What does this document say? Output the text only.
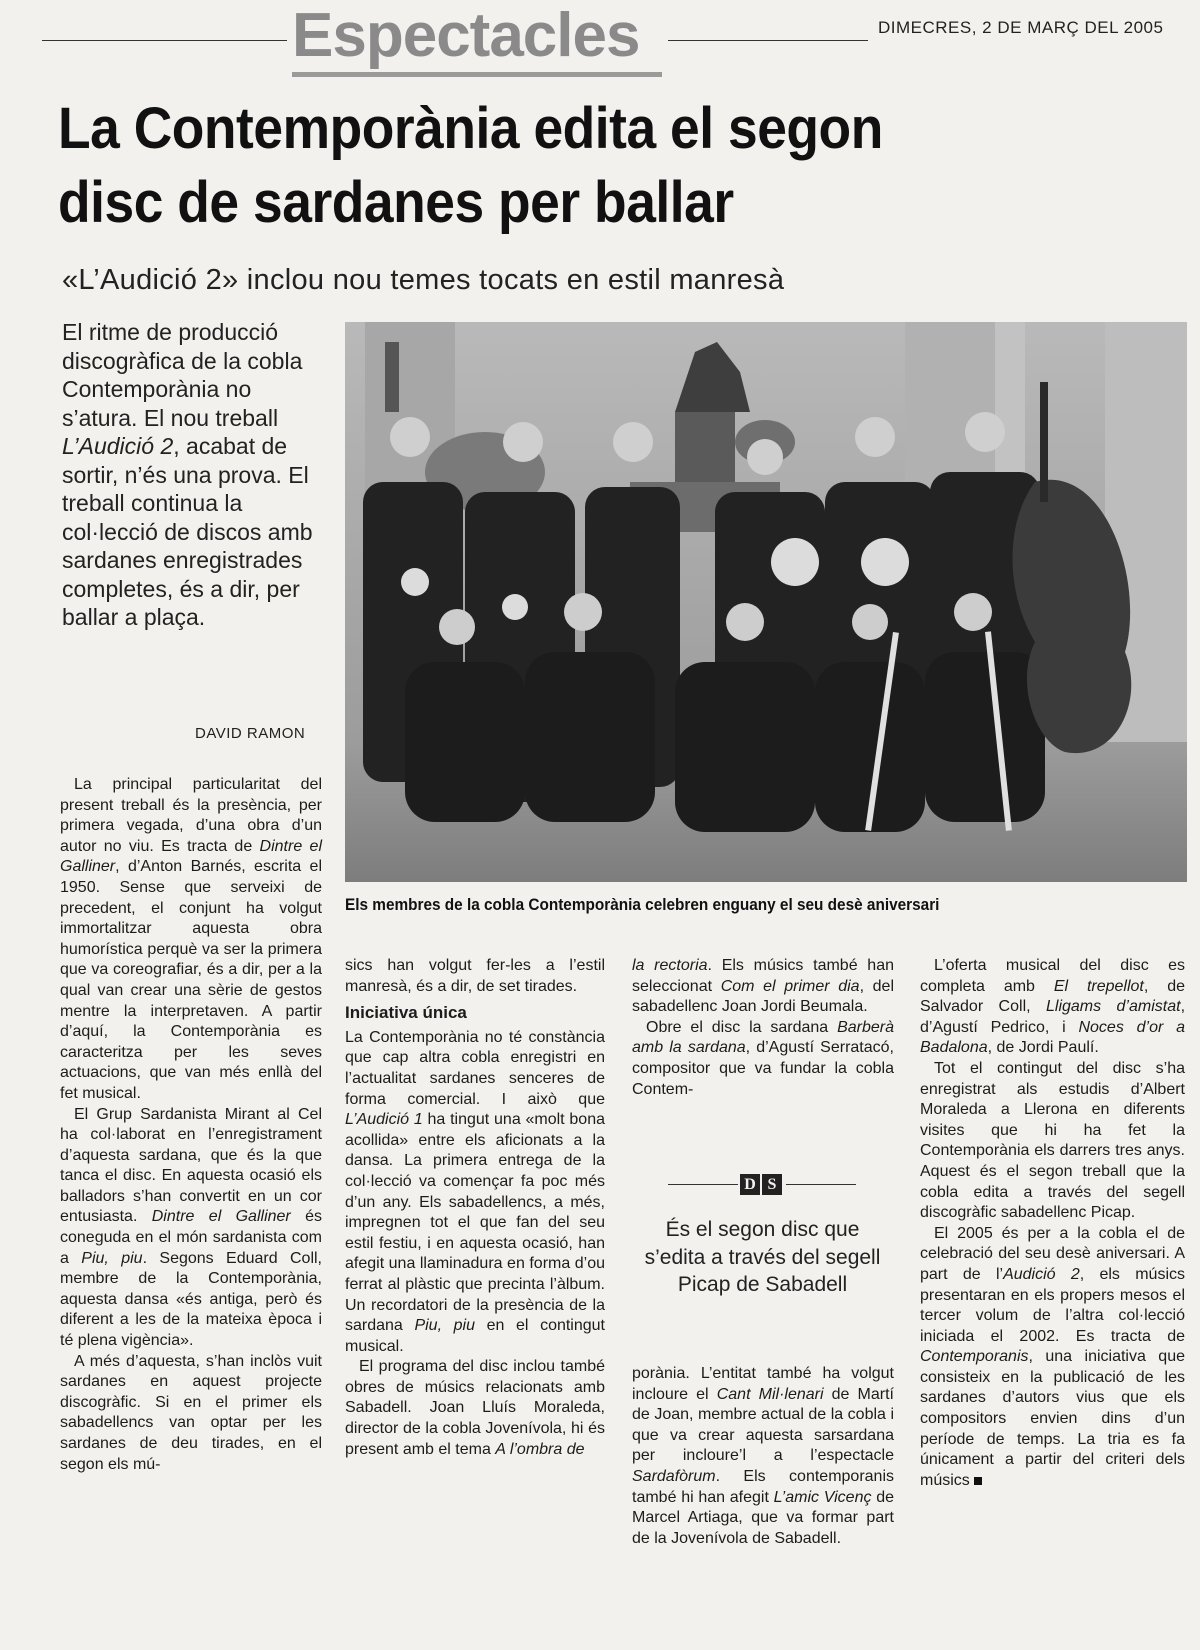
Espectacles	DIMECRES, 2 DE MARÇ DEL 2005
La Contemporània edita el segon
disc de sardanes per ballar
«L’Audició 2» inclou nou temes tocats en estil manresà
El ritme de producció discogràfica de la cobla Contemporània no s’atura. El nou treball L’Audició 2, acabat de sortir, n’és una prova. El treball continua la col·lecció de discos amb sardanes enregistrades completes, és a dir, per ballar a plaça.
DAVID RAMON
Els membres de la cobla Contemporània celebren enguany el seu desè aniversari

La principal particularitat del present treball és la presència, per primera vegada, d’una obra d’un autor no viu. Es tracta de Dintre el Galliner, d’Anton Barnés, escrita el 1950. Sense que serveixi de precedent, el conjunt ha volgut immortalitzar aquesta obra humorística perquè va ser la primera que va coreografiar, és a dir, per a la qual van crear una sèrie de gestos mentre la interpretaven. A partir d’aquí, la Contemporània es caracteritza per les seves actuacions, que van més enllà del fet musical.

El Grup Sardanista Mirant al Cel ha col·laborat en l’enregistrament d’aquesta sardana, que és la que tanca el disc. En aquesta ocasió els balladors s’han convertit en un cor entusiasta. Dintre el Galliner és coneguda en el món sardanista com a Piu, piu. Segons Eduard Coll, membre de la Contemporània, aquesta dansa «és antiga, però és diferent a les de la mateixa època i té plena vigència».

A més d’aquesta, s’han inclòs vuit sardanes en aquest projecte discogràfic. Si en el primer els sabadellencs van optar per les sardanes de deu tirades, en el segon els mú-

sics han volgut fer-les a l’estil manresà, és a dir, de set tirades.

Iniciativa única

La Contemporània no té constància que cap altra cobla enregistri en l’actualitat sardanes senceres de forma comercial. I això que L’Audició 1 ha tingut una «molt bona acollida» entre els aficionats a la dansa. La primera entrega de la col·lecció va començar fa poc més d’un any. Els sabadellencs, a més, impregnen tot el que fan del seu estil festiu, i en aquesta ocasió, han afegit una llaminadura en forma d’ou ferrat al plàstic que precinta l’àlbum. Un recordatori de la presència de la sardana Piu, piu en el contingut musical.

El programa del disc inclou també obres de músics relacionats amb Sabadell. Joan Lluís Moraleda, director de la cobla Jovenívola, hi és present amb el tema A l’ombra de

la rectoria. Els músics també han seleccionat Com el primer dia, del sabadellenc Joan Jordi Beumala.

Obre el disc la sardana Barberà amb la sardana, d’Agustí Serratacó, compositor que va fundar la cobla Contem-

D S
És el segon disc que s’edita a través del segell Picap de Sabadell

porània. L’entitat també ha volgut incloure el Cant Mil·lenari de Martí de Joan, membre actual de la cobla i que va crear aquesta sarsardana per incloure’l a l’espectacle Sardafòrum. Els contemporanis també hi han afegit L’amic Vicenç de Marcel Artiaga, que va formar part de la Jovenívola de Sabadell.

L’oferta musical del disc es completa amb El trepellot, de Salvador Coll, Lligams d’amistat, d’Agustí Pedrico, i Noces d’or a Badalona, de Jordi Paulí.

Tot el contingut del disc s’ha enregistrat als estudis d’Albert Moraleda a Llerona en diferents visites que hi ha fet la Contemporània els darrers tres anys. Aquest és el segon treball que la cobla edita a través del segell discogràfic sabadellenc Picap.

El 2005 és per a la cobla el de celebració del seu desè aniversari. A part de l’Audició 2, els músics presentaran en els propers mesos el tercer volum de l’altra col·lecció iniciada el 2002. Es tracta de Contemporanis, una iniciativa que consisteix en la publicació de les sardanes d’autors vius que els compositors envien dins d’un període de temps. La tria es fa únicament a partir del criteri dels músics
